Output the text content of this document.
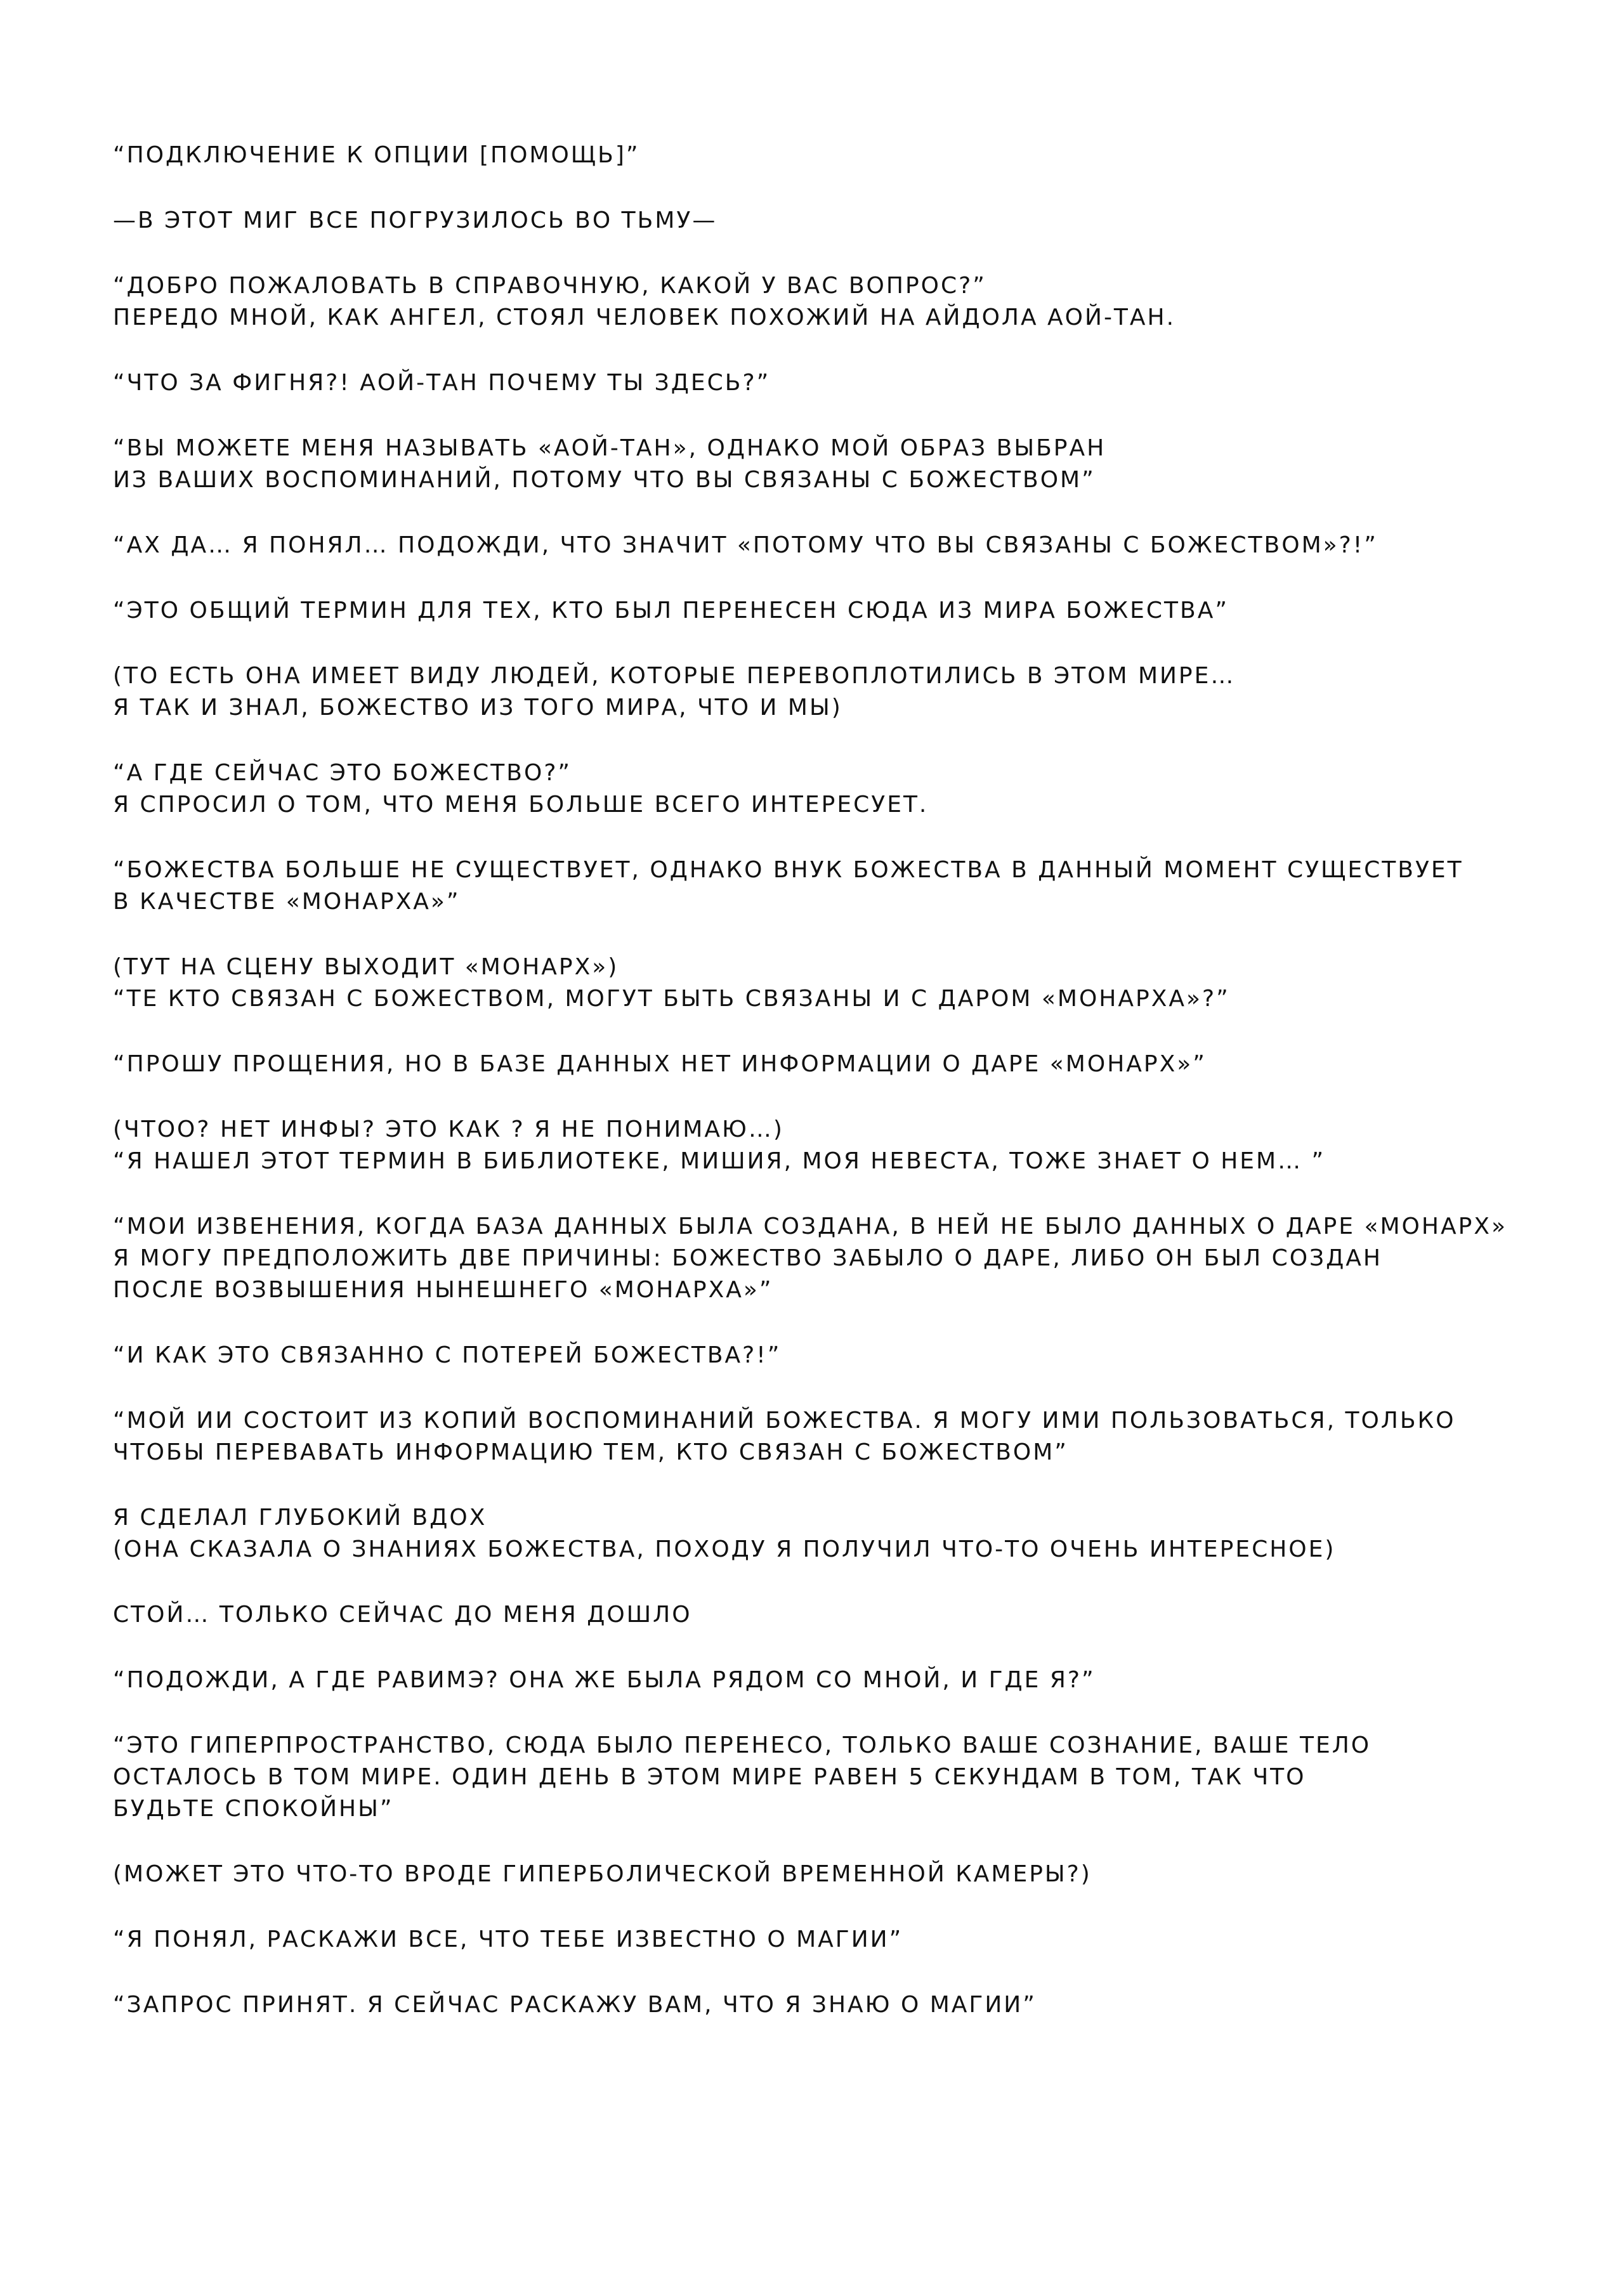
“ПОДКЛЮЧЕНИЕ К ОПЦИИ [ПОМОЩЬ]”
—В ЭТОТ МИГ ВСЕ ПОГРУЗИЛОСЬ ВО ТЬМУ—
“ДОБРО ПОЖАЛОВАТЬ В СПРАВОЧНУЮ, КАКОЙ У ВАС ВОПРОС?”
ПЕРЕДО МНОЙ, КАК АНГЕЛ, СТОЯЛ ЧЕЛОВЕК ПОХОЖИЙ НА АЙДОЛА АОЙ-ТАН.
“ЧТО ЗА ФИГНЯ?! АОЙ-ТАН ПОЧЕМУ ТЫ ЗДЕСЬ?”
“ВЫ МОЖЕТЕ МЕНЯ НАЗЫВАТЬ «АОЙ-ТАН», ОДНАКО МОЙ ОБРАЗ ВЫБРАН
ИЗ ВАШИХ ВОСПОМИНАНИЙ, ПОТОМУ ЧТО ВЫ СВЯЗАНЫ С БОЖЕСТВОМ”
“АХ ДА… Я ПОНЯЛ… ПОДОЖДИ, ЧТО ЗНАЧИТ «ПОТОМУ ЧТО ВЫ СВЯЗАНЫ С БОЖЕСТВОМ»?!”
“ЭТО ОБЩИЙ ТЕРМИН ДЛЯ ТЕХ, КТО БЫЛ ПЕРЕНЕСЕН СЮДА ИЗ МИРА БОЖЕСТВА”
(ТО ЕСТЬ ОНА ИМЕЕТ ВИДУ ЛЮДЕЙ, КОТОРЫЕ ПЕРЕВОПЛОТИЛИСЬ В ЭТОМ МИРЕ…
Я ТАК И ЗНАЛ, БОЖЕСТВО ИЗ ТОГО МИРА, ЧТО И МЫ)
“А ГДЕ СЕЙЧАС ЭТО БОЖЕСТВО?”
Я СПРОСИЛ О ТОМ, ЧТО МЕНЯ БОЛЬШЕ ВСЕГО ИНТЕРЕСУЕТ.
“БОЖЕСТВА БОЛЬШЕ НЕ СУЩЕСТВУЕТ, ОДНАКО ВНУК БОЖЕСТВА В ДАННЫЙ МОМЕНТ СУЩЕСТВУЕТ
В КАЧЕСТВЕ «МОНАРХА»”
(ТУТ НА СЦЕНУ ВЫХОДИТ «МОНАРХ»)
“ТЕ КТО СВЯЗАН С БОЖЕСТВОМ, МОГУТ БЫТЬ СВЯЗАНЫ И С ДАРОМ «МОНАРХА»?”
“ПРОШУ ПРОЩЕНИЯ, НО В БАЗЕ ДАННЫХ НЕТ ИНФОРМАЦИИ О ДАРЕ «МОНАРХ»”
(ЧТОО? НЕТ ИНФЫ? ЭТО КАК ? Я НЕ ПОНИМАЮ…)
“Я НАШЕЛ ЭТОТ ТЕРМИН В БИБЛИОТЕКЕ, МИШИЯ, МОЯ НЕВЕСТА, ТОЖЕ ЗНАЕТ О НЕМ… ”
“МОИ ИЗВЕНЕНИЯ, КОГДА БАЗА ДАННЫХ БЫЛА СОЗДАНА, В НЕЙ НЕ БЫЛО ДАННЫХ О ДАРЕ «МОНАРХ»
Я МОГУ ПРЕДПОЛОЖИТЬ ДВЕ ПРИЧИНЫ: БОЖЕСТВО ЗАБЫЛО О ДАРЕ, ЛИБО ОН БЫЛ СОЗДАН
ПОСЛЕ ВОЗВЫШЕНИЯ НЫНЕШНЕГО «МОНАРХА»”
“И КАК ЭТО СВЯЗАННО С ПОТЕРЕЙ БОЖЕСТВА?!”
“МОЙ ИИ СОСТОИТ ИЗ КОПИЙ ВОСПОМИНАНИЙ БОЖЕСТВА. Я МОГУ ИМИ ПОЛЬЗОВАТЬСЯ, ТОЛЬКО
ЧТОБЫ ПЕРЕВАВАТЬ ИНФОРМАЦИЮ ТЕМ, КТО СВЯЗАН С БОЖЕСТВОМ”
Я СДЕЛАЛ ГЛУБОКИЙ ВДОХ
(ОНА СКАЗАЛА О ЗНАНИЯХ БОЖЕСТВА, ПОХОДУ Я ПОЛУЧИЛ ЧТО-ТО ОЧЕНЬ ИНТЕРЕСНОЕ)
СТОЙ… ТОЛЬКО СЕЙЧАС ДО МЕНЯ ДОШЛО
“ПОДОЖДИ, А ГДЕ РАВИМЭ? ОНА ЖЕ БЫЛА РЯДОМ СО МНОЙ, И ГДЕ Я?”
“ЭТО ГИПЕРПРОСТРАНСТВО, СЮДА БЫЛО ПЕРЕНЕСО, ТОЛЬКО ВАШЕ СОЗНАНИЕ, ВАШЕ ТЕЛО
ОСТАЛОСЬ В ТОМ МИРЕ. ОДИН ДЕНЬ В ЭТОМ МИРЕ РАВЕН 5 СЕКУНДАМ В ТОМ, ТАК ЧТО
БУДЬТЕ СПОКОЙНЫ”
(МОЖЕТ ЭТО ЧТО-ТО ВРОДЕ ГИПЕРБОЛИЧЕСКОЙ ВРЕМЕННОЙ КАМЕРЫ?)
“Я ПОНЯЛ, РАСКАЖИ ВСЕ, ЧТО ТЕБЕ ИЗВЕСТНО О МАГИИ”
“ЗАПРОС ПРИНЯТ. Я СЕЙЧАС РАСКАЖУ ВАМ, ЧТО Я ЗНАЮ О МАГИИ”
